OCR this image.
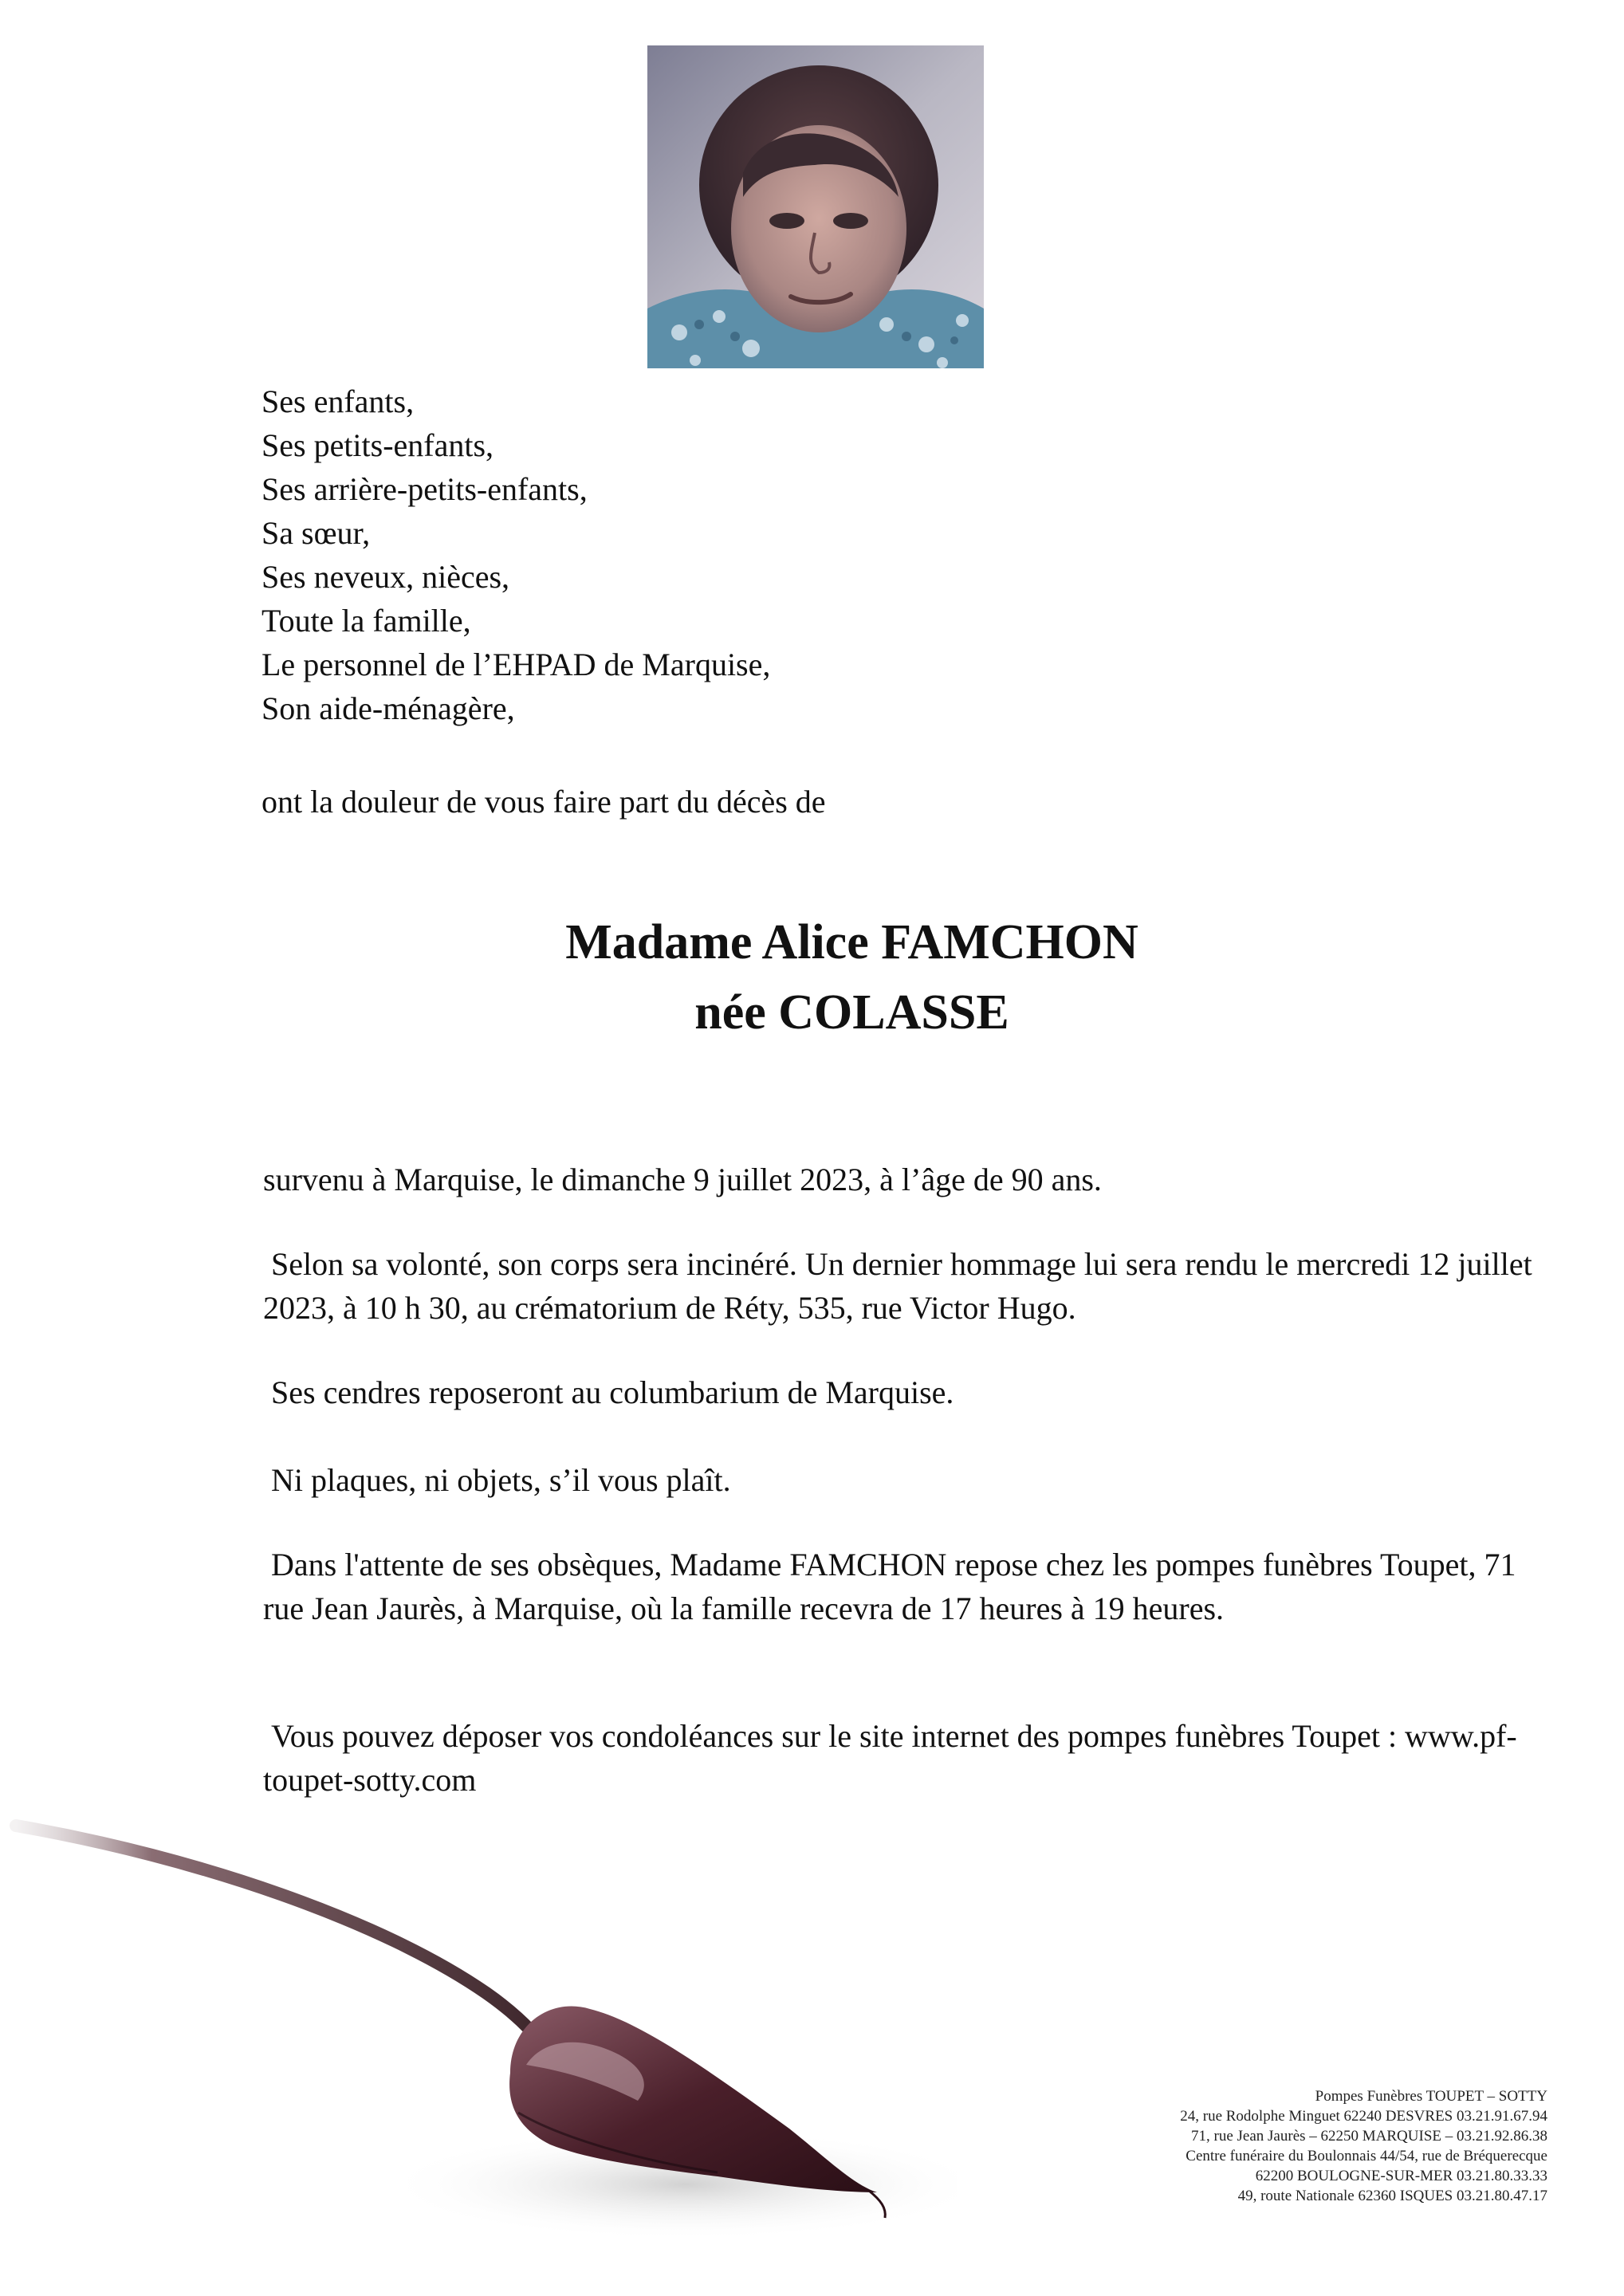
Ses enfants,
Ses petits-enfants,
Ses arrière-petits-enfants,
Sa sœur,
Ses neveux, nièces,
Toute la famille,
Le personnel de l’EHPAD de Marquise,
Son aide-ménagère,
ont la douleur de vous faire part du décès de
Madame Alice FAMCHON
née COLASSE

survenu à Marquise, le dimanche 9 juillet 2023, à l’âge de 90 ans.

Selon sa volonté, son corps sera incinéré. Un dernier hommage lui sera rendu le mercredi 12 juillet 2023, à 10 h 30, au crématorium de Réty, 535, rue Victor Hugo.

Ses cendres reposeront au columbarium de Marquise.

Ni plaques, ni objets, s’il vous plaît.

Dans l'attente de ses obsèques, Madame FAMCHON repose chez les pompes funèbres Toupet, 71 rue Jean Jaurès, à Marquise, où la famille recevra de 17 heures à 19 heures.

Vous pouvez déposer vos condoléances sur le site internet des pompes funèbres Toupet : www.pf-toupet-sotty.com

Pompes Funèbres TOUPET – SOTTY
24, rue Rodolphe Minguet 62240 DESVRES 03.21.91.67.94
71, rue Jean Jaurès – 62250 MARQUISE – 03.21.92.86.38
Centre funéraire du Boulonnais 44/54, rue de Bréquerecque
62200 BOULOGNE-SUR-MER 03.21.80.33.33
49, route Nationale 62360 ISQUES 03.21.80.47.17
